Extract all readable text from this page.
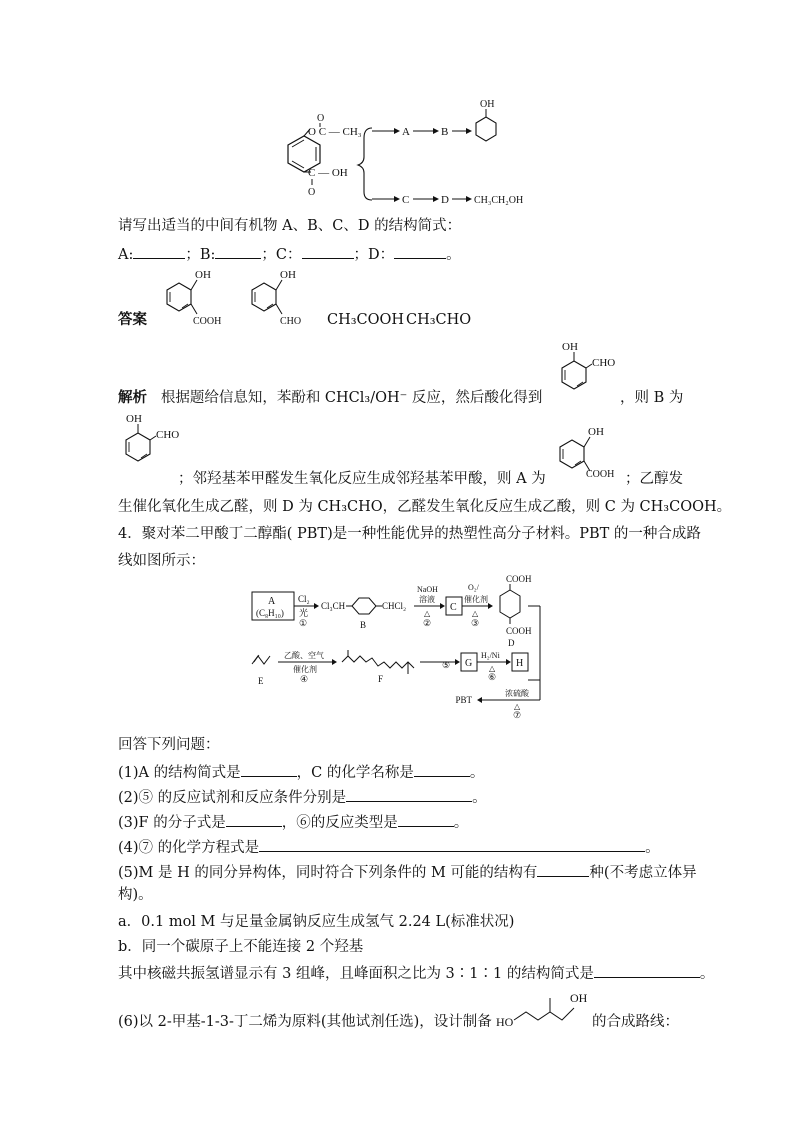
O C — CH₃
O
C — OH
O
A	B
OH
C	D	CH₃CH₂OH
请写出适当的中间有机物 A、B、C、D 的结构简式：
A:	；B:	；C：	；D：	。
答案
OH
COOH
OH
CHO CH₃COOH CH₃CHO
解析 根据题给信息知，苯酚和 CHCl₃/OH⁻ 反应，然后酸化得到
OH
CHO
，则 B 为
OH
CHO
；邻羟基苯甲醛发生氧化反应生成邻羟基苯甲酸，则 A 为
OH
COOH ；乙醇发
生催化氧化生成乙醛，则 D 为 CH₃CHO，乙醛发生氧化反应生成乙酸，则 C 为 CH₃COOH。
4．聚对苯二甲酸丁二醇酯( PBT)是一种性能优异的热塑性高分子材料。PBT 的一种合成路
线如图所示：
A
(C₈H₁₀)
Cl₂
光
①
Cl₃CH	CHCl₂
B
NaOH
溶液
△
②
C
O₂/
催化剂
△
③
COOH
COOH
D
E
乙酸、空气
催化剂
④	F
⑤ G
H₂/Ni
△
⑥
H
浓硫酸
△
⑦
PBT
回答下列问题：
(1)A 的结构简式是	，C 的化学名称是	。
(2)⑤ 的反应试剂和反应条件分别是	。
(3)F 的分子式是	，⑥的反应类型是	。
(4)⑦ 的化学方程式是	。
(5)M 是 H 的同分异构体，同时符合下列条件的 M 可能的结构有	种(不考虑立体异
构)。
a．0.1 mol M 与足量金属钠反应生成氢气 2.24 L(标准状况)
b．同一个碳原子上不能连接 2 个羟基
其中核磁共振氢谱显示有 3 组峰，且峰面积之比为 3∶1∶1 的结构简式是	。
(6)以 2-甲基-1-3-丁二烯为原料(其他试剂任选)，设计制备 HO
OH
的合成路线：
